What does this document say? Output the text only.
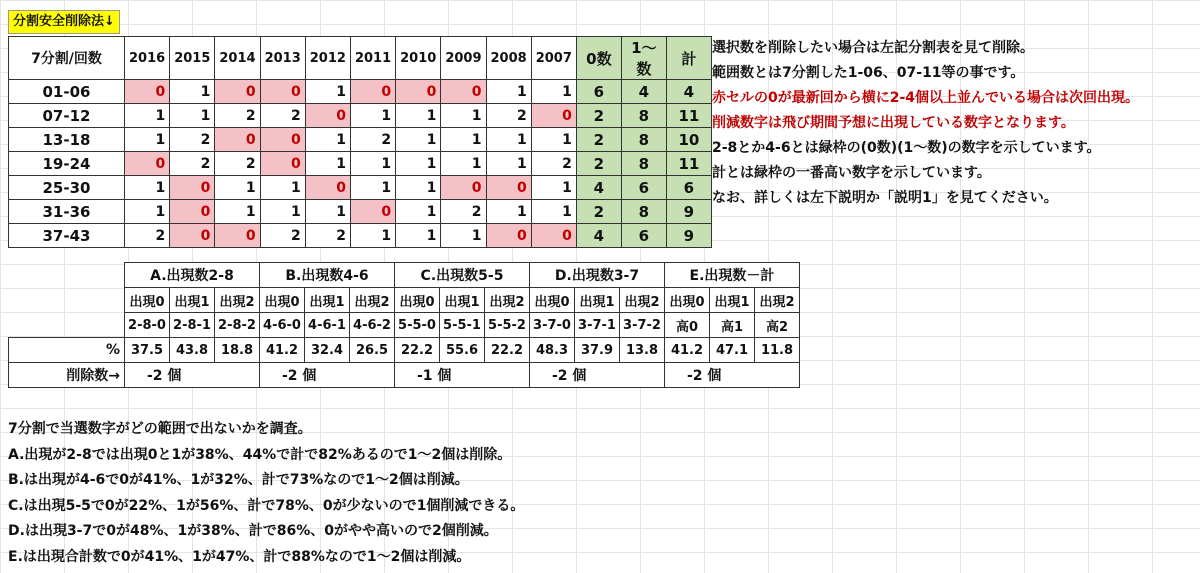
分割安全削除法↓
7分割/回数	2016	2015	2014	2013	2012	2011	2010	2009	2008	2007	0数	1～数	計
01-06	0	1	0	0	1	0	0	0	1	1	6	4	4
07-12	1	1	2	2	0	1	1	1	2	0	2	8	11
13-18	1	2	0	0	1	2	1	1	1	1	2	8	10
19-24	0	2	2	0	1	1	1	1	1	2	2	8	11
25-30	1	0	1	1	0	1	1	0	0	1	4	6	6
31-36	1	0	1	1	1	0	1	2	1	1	2	8	9
37-43	2	0	0	2	2	1	1	1	0	0	4	6	9
選択数を削除したい場合は左記分割表を見て削除。
範囲数とは7分割した1-06、07-11等の事です。
赤セルの0が最新回から横に2-4個以上並んでいる場合は次回出現。
削減数字は飛び期間予想に出現している数字となります。
2-8とか4-6とは緑枠の(0数)(1～数)の数字を示しています。
計とは緑枠の一番高い数字を示しています。
なお、詳しくは左下説明か「説明1」を見てください。
	A.出現数2-8			B.出現数4-6			C.出現数5-5			D.出現数3-7			E.出現数－計		
	出現0	出現1	出現2	出現0	出現1	出現2	出現0	出現1	出現2	出現0	出現1	出現2	出現0	出現1	出現2
	2-8-0	2-8-1	2-8-2	4-6-0	4-6-1	4-6-2	5-5-0	5-5-1	5-5-2	3-7-0	3-7-1	3-7-2	高0	高1	高2
%	37.5	43.8	18.8	41.2	32.4	26.5	22.2	55.6	22.2	48.3	37.9	13.8	41.2	47.1	11.8
削除数→	-2 個			-2 個			-1 個			-2 個			-2 個		
7分割で当選数字がどの範囲で出ないかを調査。
A.出現が2-8では出現0と1が38%、44%で計で82%あるので1～2個は削除。
B.は出現が4-6で0が41%、1が32%、計で73%なので1～2個は削減。
C.は出現5-5で0が22%、1が56%、計で78%、0が少ないので1個削減できる。
D.は出現3-7で0が48%、1が38%、計で86%、0がやや高いので2個削減。
E.は出現合計数で0が41%、1が47%、計で88%なので1～2個は削減。
